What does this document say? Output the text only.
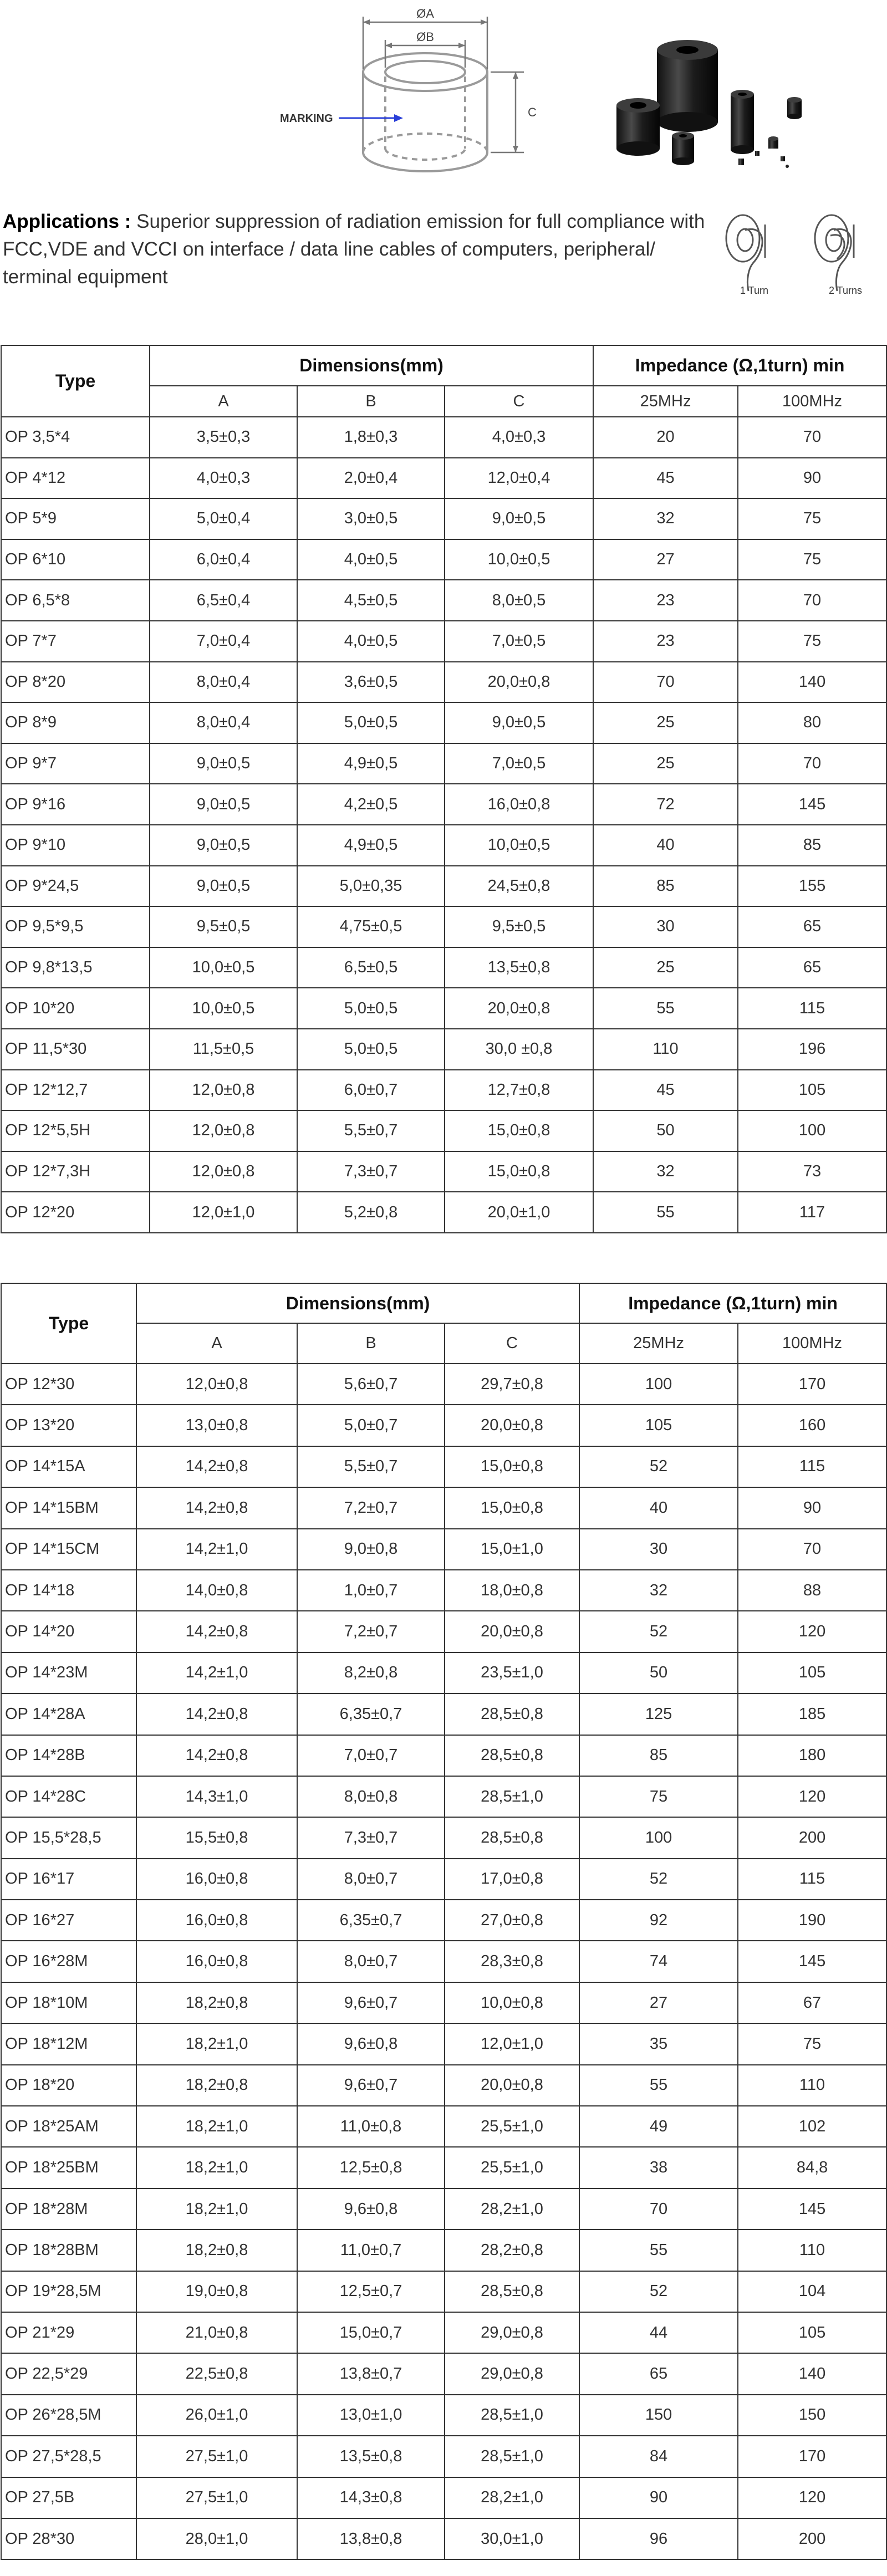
ØA
ØB
C
MARKING
Applications : Superior suppression of radiation emission for full compliance with FCC,VDE and VCCI on interface / data line cables of computers, peripheral/ terminal equipment
1 Turn	2 Turns
Type	Dimensions(mm)			Impedance (Ω,1turn) min	
	A	B	C	25MHz	100MHz
OP 3,5*4	3,5±0,3	1,8±0,3	4,0±0,3	20	70
OP 4*12	4,0±0,3	2,0±0,4	12,0±0,4	45	90
OP 5*9	5,0±0,4	3,0±0,5	9,0±0,5	32	75
OP 6*10	6,0±0,4	4,0±0,5	10,0±0,5	27	75
OP 6,5*8	6,5±0,4	4,5±0,5	8,0±0,5	23	70
OP 7*7	7,0±0,4	4,0±0,5	7,0±0,5	23	75
OP 8*20	8,0±0,4	3,6±0,5	20,0±0,8	70	140
OP 8*9	8,0±0,4	5,0±0,5	9,0±0,5	25	80
OP 9*7	9,0±0,5	4,9±0,5	7,0±0,5	25	70
OP 9*16	9,0±0,5	4,2±0,5	16,0±0,8	72	145
OP 9*10	9,0±0,5	4,9±0,5	10,0±0,5	40	85
OP 9*24,5	9,0±0,5	5,0±0,35	24,5±0,8	85	155
OP 9,5*9,5	9,5±0,5	4,75±0,5	9,5±0,5	30	65
OP 9,8*13,5	10,0±0,5	6,5±0,5	13,5±0,8	25	65
OP 10*20	10,0±0,5	5,0±0,5	20,0±0,8	55	115
OP 11,5*30	11,5±0,5	5,0±0,5	30,0 ±0,8	110	196
OP 12*12,7	12,0±0,8	6,0±0,7	12,7±0,8	45	105
OP 12*5,5H	12,0±0,8	5,5±0,7	15,0±0,8	50	100
OP 12*7,3H	12,0±0,8	7,3±0,7	15,0±0,8	32	73
OP 12*20	12,0±1,0	5,2±0,8	20,0±1,0	55	117
Type	Dimensions(mm)			Impedance (Ω,1turn) min	
	A	B	C	25MHz	100MHz
OP 12*30	12,0±0,8	5,6±0,7	29,7±0,8	100	170
OP 13*20	13,0±0,8	5,0±0,7	20,0±0,8	105	160
OP 14*15A	14,2±0,8	5,5±0,7	15,0±0,8	52	115
OP 14*15BM	14,2±0,8	7,2±0,7	15,0±0,8	40	90
OP 14*15CM	14,2±1,0	9,0±0,8	15,0±1,0	30	70
OP 14*18	14,0±0,8	1,0±0,7	18,0±0,8	32	88
OP 14*20	14,2±0,8	7,2±0,7	20,0±0,8	52	120
OP 14*23M	14,2±1,0	8,2±0,8	23,5±1,0	50	105
OP 14*28A	14,2±0,8	6,35±0,7	28,5±0,8	125	185
OP 14*28B	14,2±0,8	7,0±0,7	28,5±0,8	85	180
OP 14*28C	14,3±1,0	8,0±0,8	28,5±1,0	75	120
OP 15,5*28,5	15,5±0,8	7,3±0,7	28,5±0,8	100	200
OP 16*17	16,0±0,8	8,0±0,7	17,0±0,8	52	115
OP 16*27	16,0±0,8	6,35±0,7	27,0±0,8	92	190
OP 16*28M	16,0±0,8	8,0±0,7	28,3±0,8	74	145
OP 18*10M	18,2±0,8	9,6±0,7	10,0±0,8	27	67
OP 18*12M	18,2±1,0	9,6±0,8	12,0±1,0	35	75
OP 18*20	18,2±0,8	9,6±0,7	20,0±0,8	55	110
OP 18*25AM	18,2±1,0	11,0±0,8	25,5±1,0	49	102
OP 18*25BM	18,2±1,0	12,5±0,8	25,5±1,0	38	84,8
OP 18*28M	18,2±1,0	9,6±0,8	28,2±1,0	70	145
OP 18*28BM	18,2±0,8	11,0±0,7	28,2±0,8	55	110
OP 19*28,5M	19,0±0,8	12,5±0,7	28,5±0,8	52	104
OP 21*29	21,0±0,8	15,0±0,7	29,0±0,8	44	105
OP 22,5*29	22,5±0,8	13,8±0,7	29,0±0,8	65	140
OP 26*28,5M	26,0±1,0	13,0±1,0	28,5±1,0	150	150
OP 27,5*28,5	27,5±1,0	13,5±0,8	28,5±1,0	84	170
OP 27,5B	27,5±1,0	14,3±0,8	28,2±1,0	90	120
OP 28*30	28,0±1,0	13,8±0,8	30,0±1,0	96	200
